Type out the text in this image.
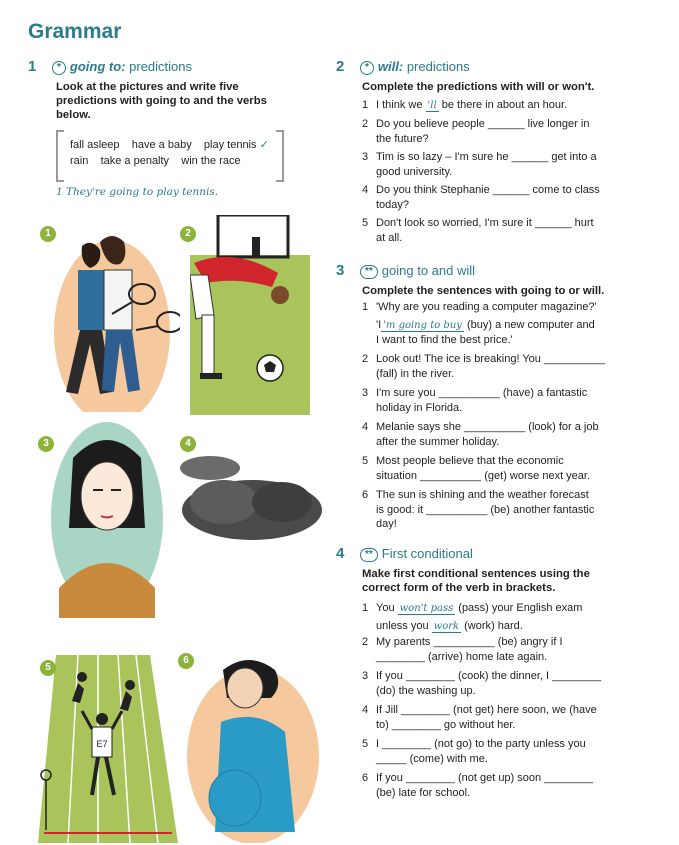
Grammar
1	* going to: predictions
Look at the pictures and write five
predictions with going to and the verbs
below.
fall asleep    have a baby    play tennis ✓
rain    take a penalty    win the race
1 They're going to play tennis.
1	2
3	4
E7
5
6
2	* will: predictions
Complete the predictions with will or won't.
1 I think we 'll be there in about an hour.
2 Do you believe people ______ live longer in
the future?
3 Tim is so lazy – I'm sure he ______ get into a
good university.
4 Do you think Stephanie ______ come to class
today?
5 Don't look so worried, I'm sure it ______ hurt
at all.
3	** going to and will
Complete the sentences with going to or will.
1 'Why are you reading a computer magazine?'
'I 'm going to buy (buy) a new computer and
I want to find the best price.'
2 Look out! The ice is breaking! You __________
(fall) in the river.
3 I'm sure you __________ (have) a fantastic
holiday in Florida.
4 Melanie says she __________ (look) for a job
after the summer holiday.
5 Most people believe that the economic
situation __________ (get) worse next year.
6 The sun is shining and the weather forecast
is good: it __________ (be) another fantastic
day!
4	** First conditional
Make first conditional sentences using the
correct form of the verb in brackets.
1 You won't pass (pass) your English exam
unless you work (work) hard.
2 My parents __________ (be) angry if I
________ (arrive) home late again.
3 If you ________ (cook) the dinner, I ________
(do) the washing up.
4 If Jill ________ (not get) here soon, we (have
to) ________ go without her.
5 I ________ (not go) to the party unless you
_____ (come) with me.
6 If you ________ (not get up) soon ________
(be) late for school.
